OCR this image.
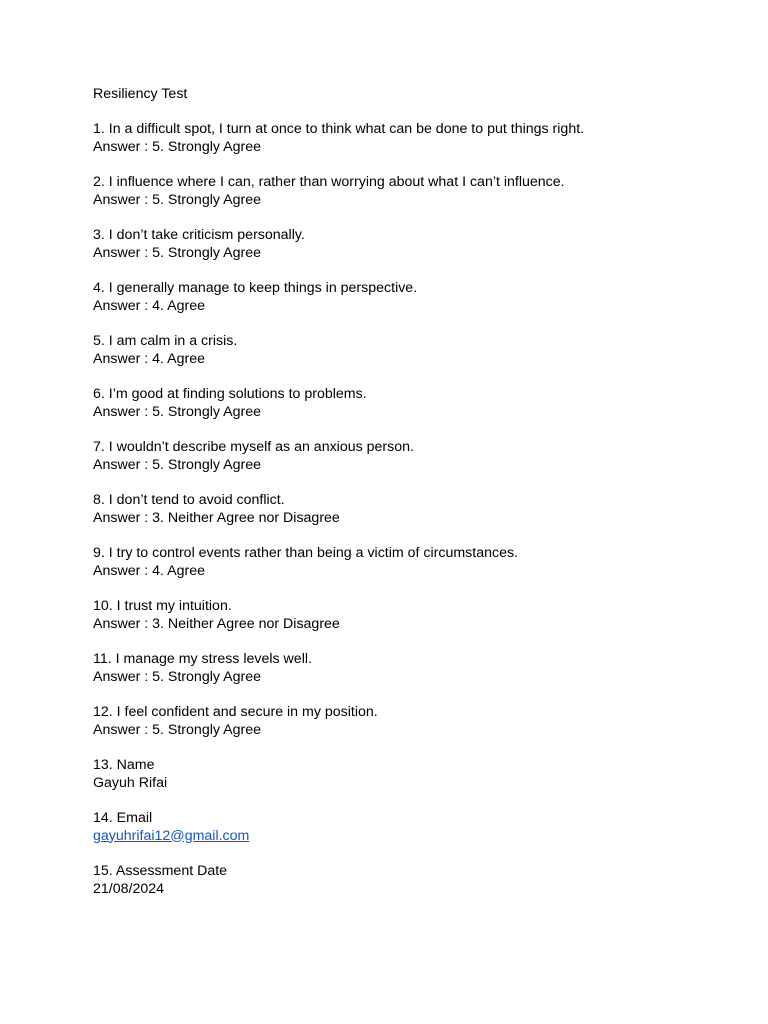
Resiliency Test
1. In a difficult spot, I turn at once to think what can be done to put things right.
Answer : 5. Strongly Agree
2. I influence where I can, rather than worrying about what I can’t influence.
Answer : 5. Strongly Agree
3. I don’t take criticism personally.
Answer : 5. Strongly Agree
4. I generally manage to keep things in perspective.
Answer : 4. Agree
5. I am calm in a crisis.
Answer : 4. Agree
6. I’m good at finding solutions to problems.
Answer : 5. Strongly Agree
7. I wouldn’t describe myself as an anxious person.
Answer : 5. Strongly Agree
8. I don’t tend to avoid conflict.
Answer : 3. Neither Agree nor Disagree
9. I try to control events rather than being a victim of circumstances.
Answer : 4. Agree
10. I trust my intuition.
Answer : 3. Neither Agree nor Disagree
11. I manage my stress levels well.
Answer : 5. Strongly Agree
12. I feel confident and secure in my position.
Answer : 5. Strongly Agree
13. Name
Gayuh Rifai
14. Email
gayuhrifai12@gmail.com
15. Assessment Date
21/08/2024
